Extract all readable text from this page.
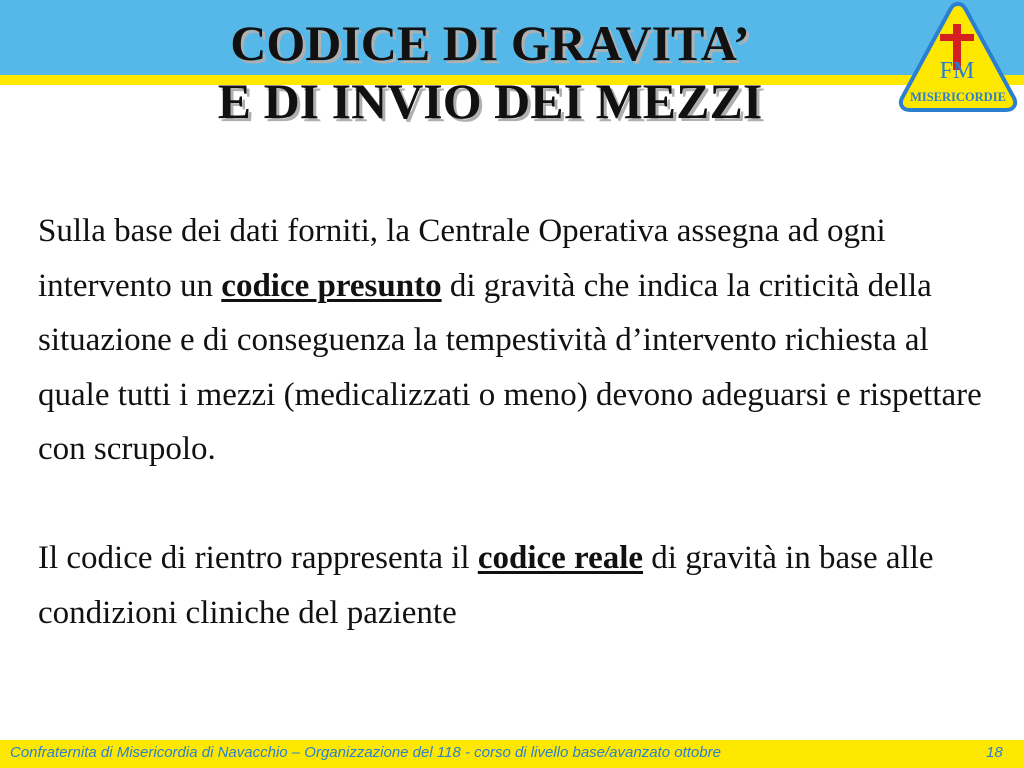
CODICE DI GRAVITA’
E DI INVIO DEI MEZZI
FM
MISERICORDIE

Sulla base dei dati forniti, la Centrale Operativa assegna ad ogni intervento un codice presunto di gravità che indica la criticità della situazione e di conseguenza la tempestività d’intervento richiesta al quale tutti i mezzi (medicalizzati o meno) devono adeguarsi e rispettare con scrupolo.

Il codice di rientro rappresenta il codice reale di gravità in base alle condizioni cliniche del paziente

Confraternita di Misericordia di Navacchio – Organizzazione del 118 - corso di livello base/avanzato ottobre	18
